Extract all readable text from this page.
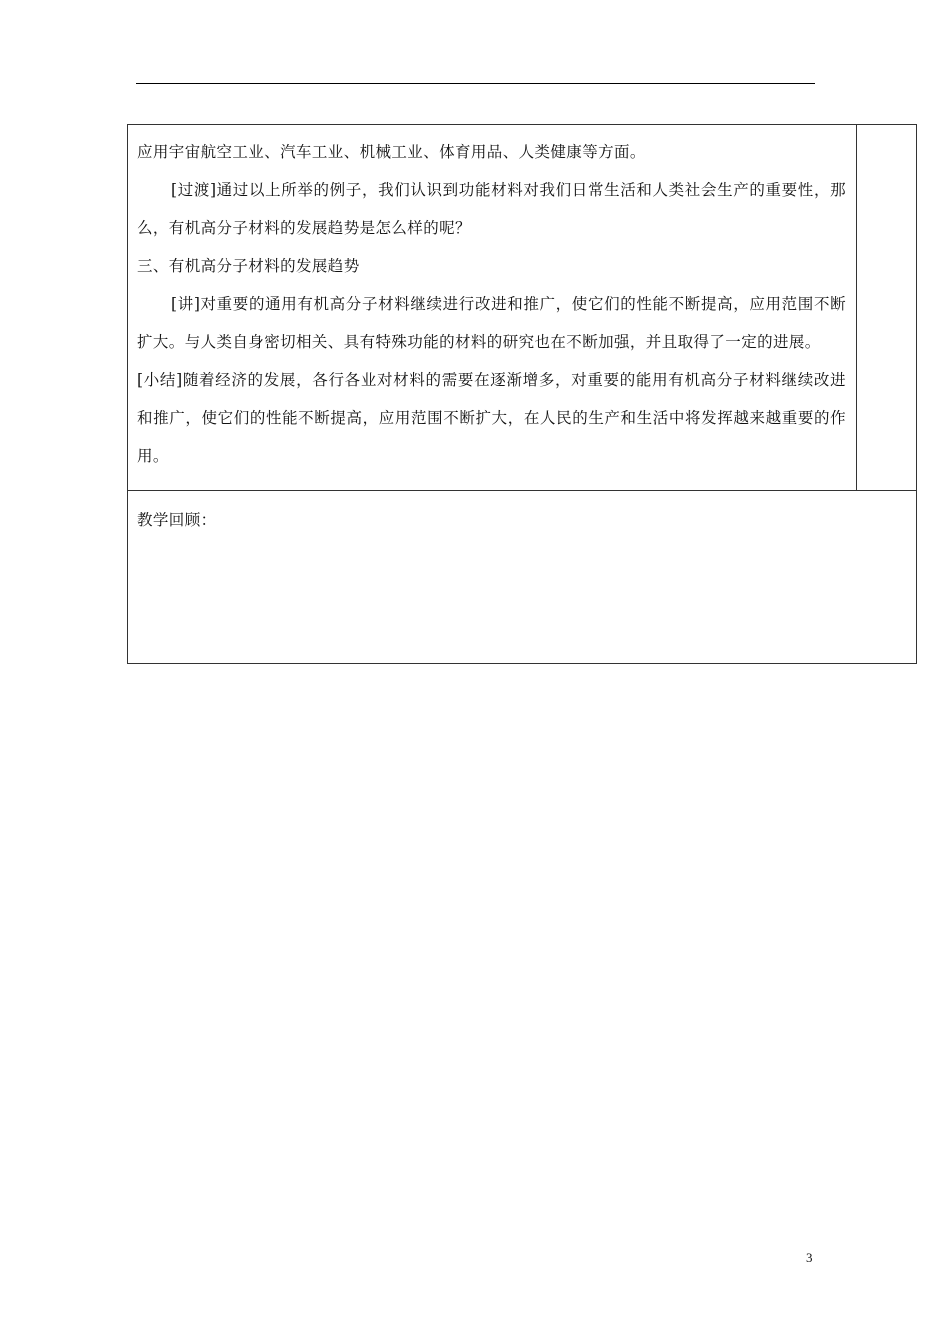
应用宇宙航空工业、汽车工业、机械工业、体育用品、人类健康等方面。

[过渡]通过以上所举的例子，我们认识到功能材料对我们日常生活和人类社会生产的重要性，那么，有机高分子材料的发展趋势是怎么样的呢？

三、有机高分子材料的发展趋势

[讲]对重要的通用有机高分子材料继续进行改进和推广，使它们的性能不断提高，应用范围不断扩大。与人类自身密切相关、具有特殊功能的材料的研究也在不断加强，并且取得了一定的进展。

[小结]随着经济的发展，各行各业对材料的需要在逐渐增多，对重要的能用有机高分子材料继续改进和推广，使它们的性能不断提高，应用范围不断扩大，在人民的生产和生活中将发挥越来越重要的作用。

教学回顾：

3
